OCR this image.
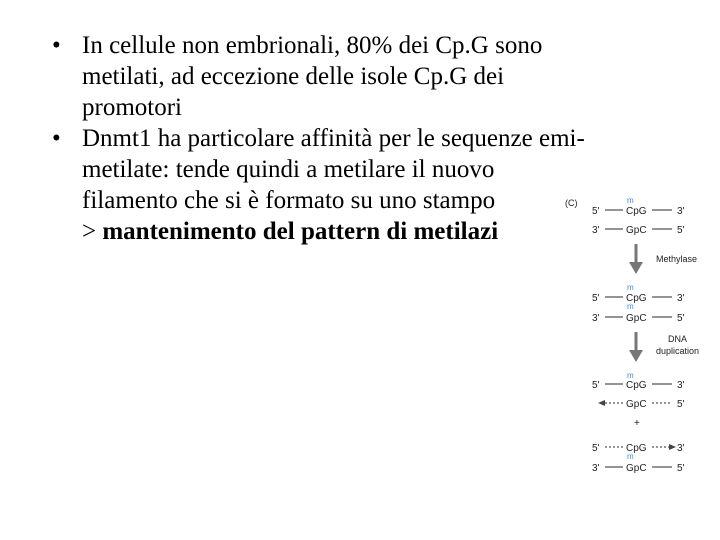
• In cellule non embrionali, 80% dei Cp.G sono
metilati, ad eccezione delle isole Cp.G dei
promotori
• Dnmt1 ha particolare affinità per le sequenze emi-
metilate: tende quindi a metilare il nuovo
filamento che si è formato su uno stampo
> mantenimento del pattern di metilazi
(C)
5'
m
CpG	3'
3'	GpC	5'
Methylase
m
5'	CpG	3'
m
3'	GpC	5'
DNA
duplication
m
5'	CpG	3'
GpC	5'
+
5'	CpG	3'
m
3'	GpC	5'
